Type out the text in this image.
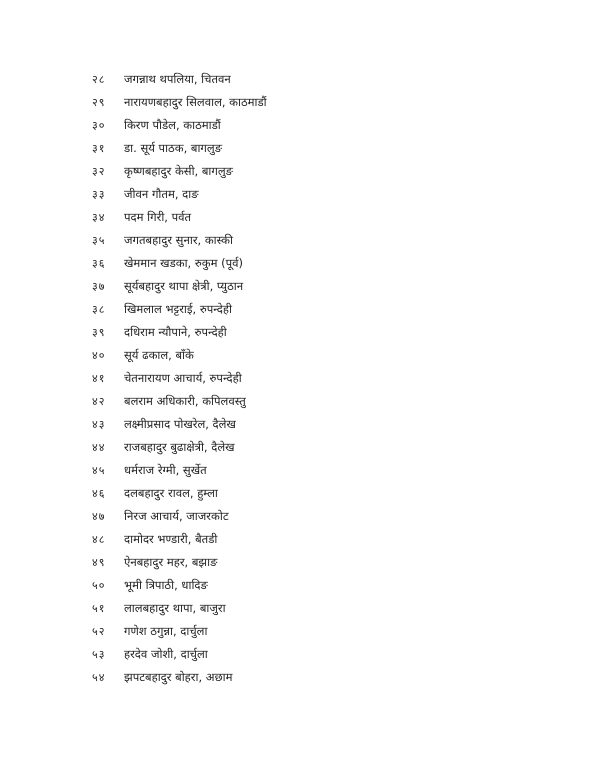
२८	जगन्नाथ थपलिया, चितवन
२९	नारायणबहादुर सिलवाल, काठमाडौं
३०	किरण पौडेल, काठमाडौं
३१	डा. सूर्य पाठक, बागलुङ
३२	कृष्णबहादुर केसी, बागलुङ
३३	जीवन गौतम, दाङ
३४	पदम गिरी, पर्वत
३५	जगतबहादुर सुनार, कास्की
३६	खेममान खडका, रुकुम (पूर्व)
३७	सूर्यबहादुर थापा क्षेत्री, प्युठान
३८	खिमलाल भट्टराई, रुपन्देही
३९	दधिराम न्यौपाने, रुपन्देही
४०	सूर्य ढकाल, बाँके
४१	चेतनारायण आचार्य, रुपन्देही
४२	बलराम अधिकारी, कपिलवस्तु
४३	लक्ष्मीप्रसाद पोखरेल, दैलेख
४४	राजबहादुर बुढाक्षेत्री, दैलेख
४५	धर्मराज रेग्मी, सुर्खेत
४६	दलबहादुर रावल, हुम्ला
४७	निरज आचार्य, जाजरकोट
४८	दामोदर भण्डारी, बैतडी
४९	ऐनबहादुर महर, बझाङ
५०	भूमी त्रिपाठी, धादिङ
५१	लालबहादुर थापा, बाजुरा
५२	गणेश ठगुन्ना, दार्चुला
५३	हरदेव जोशी, दार्चुला
५४	झपटबहादुर बोहरा, अछाम
